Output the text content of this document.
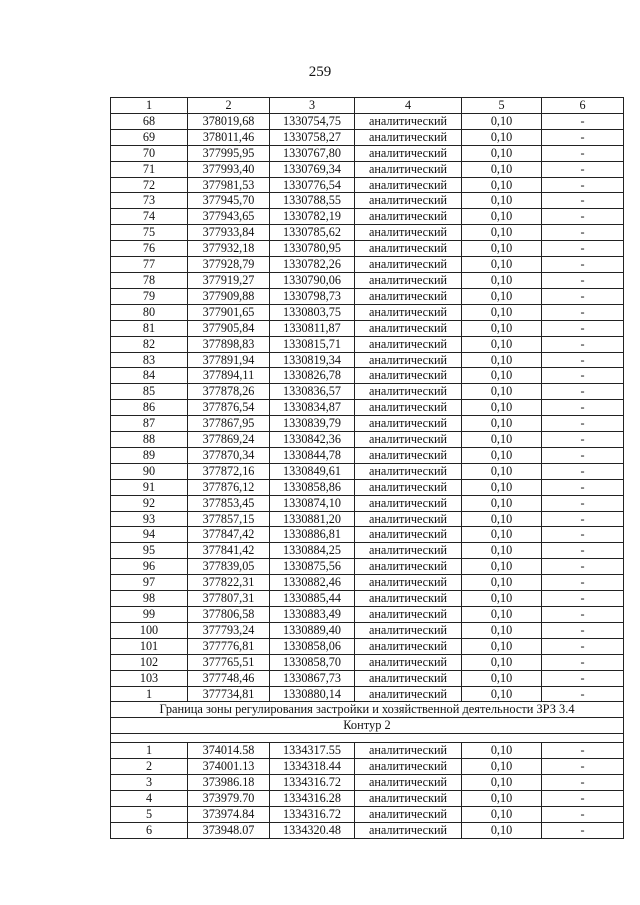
259
1	2	3	4	5	6
68	378019,68	1330754,75	аналитический	0,10	-
69	378011,46	1330758,27	аналитический	0,10	-
70	377995,95	1330767,80	аналитический	0,10	-
71	377993,40	1330769,34	аналитический	0,10	-
72	377981,53	1330776,54	аналитический	0,10	-
73	377945,70	1330788,55	аналитический	0,10	-
74	377943,65	1330782,19	аналитический	0,10	-
75	377933,84	1330785,62	аналитический	0,10	-
76	377932,18	1330780,95	аналитический	0,10	-
77	377928,79	1330782,26	аналитический	0,10	-
78	377919,27	1330790,06	аналитический	0,10	-
79	377909,88	1330798,73	аналитический	0,10	-
80	377901,65	1330803,75	аналитический	0,10	-
81	377905,84	1330811,87	аналитический	0,10	-
82	377898,83	1330815,71	аналитический	0,10	-
83	377891,94	1330819,34	аналитический	0,10	-
84	377894,11	1330826,78	аналитический	0,10	-
85	377878,26	1330836,57	аналитический	0,10	-
86	377876,54	1330834,87	аналитический	0,10	-
87	377867,95	1330839,79	аналитический	0,10	-
88	377869,24	1330842,36	аналитический	0,10	-
89	377870,34	1330844,78	аналитический	0,10	-
90	377872,16	1330849,61	аналитический	0,10	-
91	377876,12	1330858,86	аналитический	0,10	-
92	377853,45	1330874,10	аналитический	0,10	-
93	377857,15	1330881,20	аналитический	0,10	-
94	377847,42	1330886,81	аналитический	0,10	-
95	377841,42	1330884,25	аналитический	0,10	-
96	377839,05	1330875,56	аналитический	0,10	-
97	377822,31	1330882,46	аналитический	0,10	-
98	377807,31	1330885,44	аналитический	0,10	-
99	377806,58	1330883,49	аналитический	0,10	-
100	377793,24	1330889,40	аналитический	0,10	-
101	377776,81	1330858,06	аналитический	0,10	-
102	377765,51	1330858,70	аналитический	0,10	-
103	377748,46	1330867,73	аналитический	0,10	-
1	377734,81	1330880,14	аналитический	0,10	-
Граница зоны регулирования застройки и хозяйственной деятельности ЗРЗ 3.4					
Контур 2					

1	374014.58	1334317.55	аналитический	0,10	-
2	374001.13	1334318.44	аналитический	0,10	-
3	373986.18	1334316.72	аналитический	0,10	-
4	373979.70	1334316.28	аналитический	0,10	-
5	373974.84	1334316.72	аналитический	0,10	-
6	373948.07	1334320.48	аналитический	0,10	-
